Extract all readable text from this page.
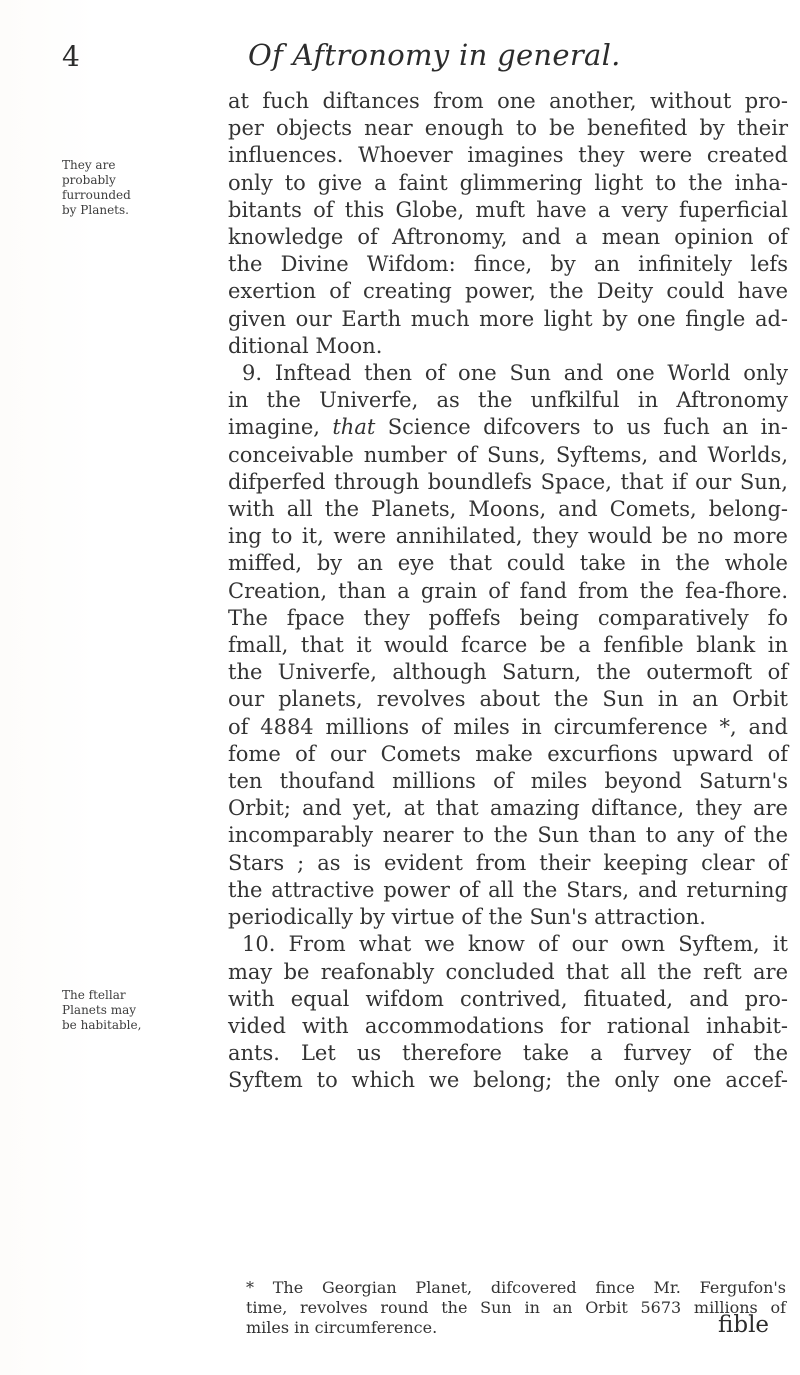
4	Of Aftronomy in general.
They are
probably
furrounded
by Planets.
The ftellar
Planets may
be habitable,
at fuch diftances from one another, without pro-
per objects near enough to be benefited by their
influences. Whoever imagines they were created
only to give a faint glimmering light to the inha-
bitants of this Globe, muft have a very fuperficial
knowledge of Aftronomy, and a mean opinion of
the Divine Wifdom: fince, by an infinitely lefs
exertion of creating power, the Deity could have
given our Earth much more light by one fingle ad-
ditional Moon.
9. Inftead then of one Sun and one World only
in the Univerfe, as the unfkilful in Aftronomy
imagine, that Science difcovers to us fuch an in-
conceivable number of Suns, Syftems, and Worlds,
difperfed through boundlefs Space, that if our Sun,
with all the Planets, Moons, and Comets, belong-
ing to it, were annihilated, they would be no more
miffed, by an eye that could take in the whole
Creation, than a grain of fand from the fea-fhore.
The fpace they poffefs being comparatively fo
fmall, that it would fcarce be a fenfible blank in
the Univerfe, although Saturn, the outermoft of
our planets, revolves about the Sun in an Orbit
of 4884 millions of miles in circumference *, and
fome of our Comets make excurfions upward of
ten thoufand millions of miles beyond Saturn's
Orbit; and yet, at that amazing diftance, they are
incomparably nearer to the Sun than to any of the
Stars ; as is evident from their keeping clear of
the attractive power of all the Stars, and returning
periodically by virtue of the Sun's attraction.
10. From what we know of our own Syftem, it
may be reafonably concluded that all the reft are
with equal wifdom contrived, fituated, and pro-
vided with accommodations for rational inhabit-
ants. Let us therefore take a furvey of the
Syftem to which we belong; the only one accef-
* The Georgian Planet, difcovered fince Mr. Fergufon's
time, revolves round the Sun in an Orbit 5673 millions of
miles in circumference.	fible
